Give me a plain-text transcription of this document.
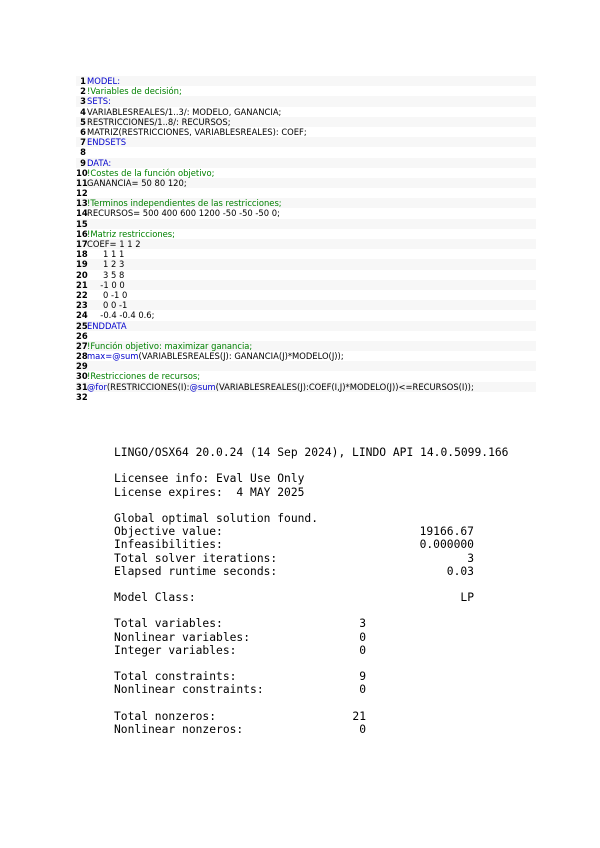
1 MODEL:
2 !Variables de decisión;
3 SETS:
4 VARIABLESREALES/1..3/: MODELO, GANANCIA;
5 RESTRICCIONES/1..8/: RECURSOS;
6 MATRIZ(RESTRICCIONES, VARIABLESREALES): COEF;
7 ENDSETS
8
9 DATA:
10 !Costes de la función objetivo;
11 GANANCIA= 50 80 120;
12
13 !Terminos independientes de las restricciones;
14 RECURSOS= 500 400 600 1200 -50 -50 -50 0;
15
16 !Matriz restricciones;
17 COEF= 1 1 2
18 1 1 1
19 1 2 3
20 3 5 8
21 -1 0 0
22 0 -1 0
23 0 0 -1
24 -0.4 -0.4 0.6;
25 ENDDATA
26
27 !Función objetivo: maximizar ganancia;
28 max=@sum(VARIABLESREALES(J): GANANCIA(J)*MODELO(J));
29
30 !Restricciones de recursos;
31 @for(RESTRICCIONES(I):@sum(VARIABLESREALES(J):COEF(I,J)*MODELO(J))<=RECURSOS(I));
32
LINGO/OSX64 20.0.24 (14 Sep 2024), LINDO API 14.0.5099.166
Licensee info: Eval Use Only
License expires:  4 MAY 2025
Global optimal solution found.
Objective value:	19166.67
Infeasibilities:	0.000000
Total solver iterations:	3
Elapsed runtime seconds:	0.03
Model Class:	LP
Total variables:	3
Nonlinear variables:	0
Integer variables:	0
Total constraints:	9
Nonlinear constraints:	0
Total nonzeros:	21
Nonlinear nonzeros:	0
